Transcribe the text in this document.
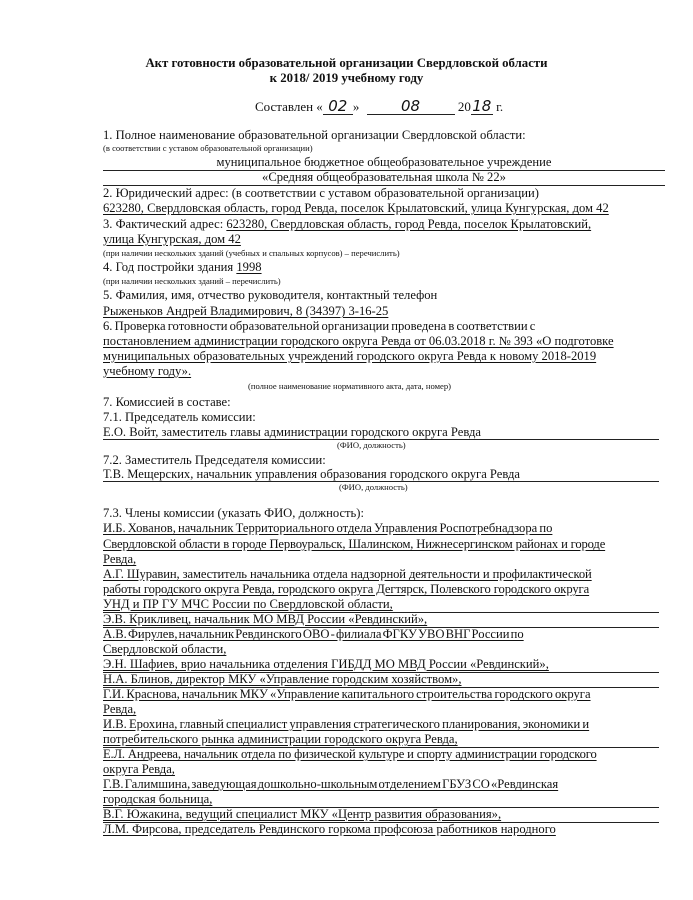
Акт готовности образовательной организации Свердловской области
к 2018/ 2019 учебному году
Составлен « 02 »	08	2018 г.
1. Полное наименование образовательной организации Свердловской области:
(в соответствии с уставом образовательной организации)
муниципальное бюджетное общеобразовательное учреждение
«Средняя общеобразовательная школа № 22»
2. Юридический адрес: (в соответствии с уставом образовательной организации)
623280, Свердловская область, город Ревда, поселок Крылатовский, улица Кунгурская, дом 42
3. Фактический адрес: 623280, Свердловская область, город Ревда, поселок Крылатовский,
улица Кунгурская, дом 42
(при наличии нескольких зданий (учебных и спальных корпусов) – перечислить)
4. Год постройки здания 1998
(при наличии нескольких зданий – перечислить)
5. Фамилия, имя, отчество руководителя, контактный телефон
Рыженьков Андрей Владимирович, 8 (34397) 3-16-25
6. Проверка готовности образовательной организации проведена в соответствии с
постановлением администрации городского округа Ревда от 06.03.2018 г. № 393 «О подготовке
муниципальных образовательных учреждений городского округа Ревда к новому 2018-2019
учебному году».
(полное наименование нормативного акта, дата, номер)
7. Комиссией в составе:
7.1. Председатель комиссии:
Е.О. Войт, заместитель главы администрации городского округа Ревда
(ФИО, должность)
7.2. Заместитель Председателя комиссии:
Т.В. Мещерских, начальник управления образования городского округа Ревда
(ФИО, должность)
7.3. Члены комиссии (указать ФИО, должность):
И.Б. Хованов, начальник Территориального отдела Управления Роспотребнадзора по
Свердловской области в городе Первоуральск, Шалинском, Нижнесергинском районах и городе
Ревда,
А.Г. Шуравин, заместитель начальника отдела надзорной деятельности и профилактической
работы городского округа Ревда, городского округа Дегтярск, Полевского городского округа
УНД и ПР ГУ МЧС России по Свердловской области,
Э.В. Крикливец, начальник МО МВД России «Ревдинский»,
А.В. Фирулев, начальник Ревдинского ОВО - филиала ФГКУ УВО ВНГ России по
Свердловской области,
Э.Н. Шафиев, врио начальника отделения ГИБДД МО МВД России «Ревдинский»,
Н.А. Блинов, директор МКУ «Управление городским хозяйством»,
Г.И. Краснова, начальник МКУ «Управление капитального строительства городского округа
Ревда,
И.В. Ерохина, главный специалист управления стратегического планирования, экономики и
потребительского рынка администрации городского округа Ревда,
Е.Л. Андреева, начальник отдела по физической культуре и спорту администрации городского
округа Ревда,
Г.В. Галимшина, заведующая дошкольно-школьным отделением ГБУЗ СО «Ревдинская
городская больница,
В.Г. Южакина, ведущий специалист МКУ «Центр развития образования»,
Л.М. Фирсова, председатель Ревдинского горкома профсоюза работников народного
